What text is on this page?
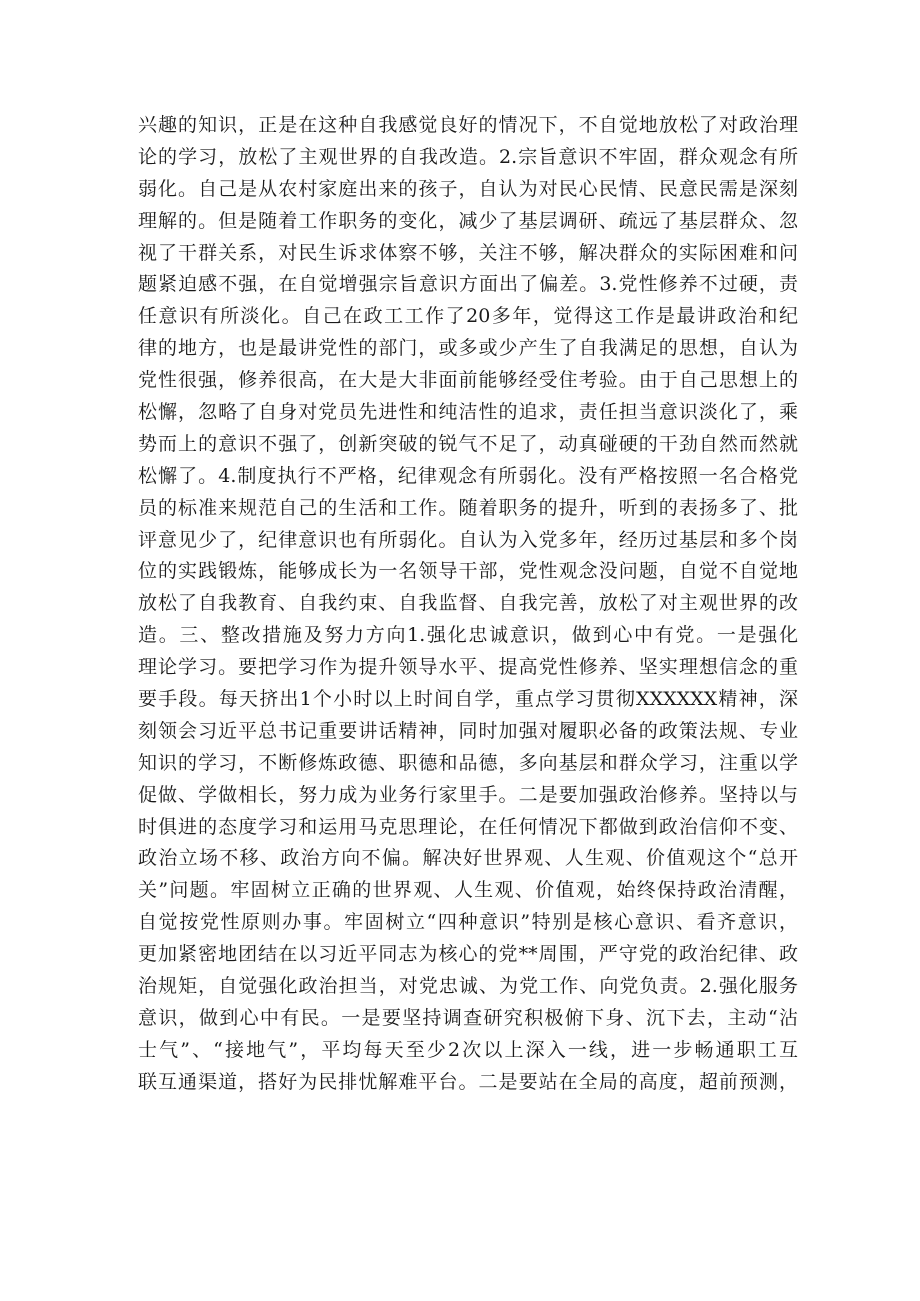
兴趣的知识，正是在这种自我感觉良好的情况下，不自觉地放松了对政治理
论的学习，放松了主观世界的自我改造。2.宗旨意识不牢固，群众观念有所
弱化。自己是从农村家庭出来的孩子，自认为对民心民情、民意民需是深刻
理解的。但是随着工作职务的变化，减少了基层调研、疏远了基层群众、忽
视了干群关系，对民生诉求体察不够，关注不够，解决群众的实际困难和问
题紧迫感不强，在自觉增强宗旨意识方面出了偏差。3.党性修养不过硬，责
任意识有所淡化。自己在政工工作了20多年，觉得这工作是最讲政治和纪
律的地方，也是最讲党性的部门，或多或少产生了自我满足的思想，自认为
党性很强，修养很高，在大是大非面前能够经受住考验。由于自己思想上的
松懈，忽略了自身对党员先进性和纯洁性的追求，责任担当意识淡化了，乘
势而上的意识不强了，创新突破的锐气不足了，动真碰硬的干劲自然而然就
松懈了。4.制度执行不严格，纪律观念有所弱化。没有严格按照一名合格党
员的标准来规范自己的生活和工作。随着职务的提升，听到的表扬多了、批
评意见少了，纪律意识也有所弱化。自认为入党多年，经历过基层和多个岗
位的实践锻炼，能够成长为一名领导干部，党性观念没问题，自觉不自觉地
放松了自我教育、自我约束、自我监督、自我完善，放松了对主观世界的改
造。三、整改措施及努力方向1.强化忠诚意识，做到心中有党。一是强化
理论学习。要把学习作为提升领导水平、提高党性修养、坚实理想信念的重
要手段。每天挤出1个小时以上时间自学，重点学习贯彻XXXXXX精神，深
刻领会习近平总书记重要讲话精神，同时加强对履职必备的政策法规、专业
知识的学习，不断修炼政德、职德和品德，多向基层和群众学习，注重以学
促做、学做相长，努力成为业务行家里手。二是要加强政治修养。坚持以与
时俱进的态度学习和运用马克思理论，在任何情况下都做到政治信仰不变、
政治立场不移、政治方向不偏。解决好世界观、人生观、价值观这个“总开
关”问题。牢固树立正确的世界观、人生观、价值观，始终保持政治清醒，
自觉按党性原则办事。牢固树立“四种意识”特别是核心意识、看齐意识，
更加紧密地团结在以习近平同志为核心的党**周围，严守党的政治纪律、政
治规矩，自觉强化政治担当，对党忠诚、为党工作、向党负责。2.强化服务
意识，做到心中有民。一是要坚持调查研究积极俯下身、沉下去，主动“沾
士气”、“接地气”，平均每天至少2次以上深入一线，进一步畅通职工互
联互通渠道，搭好为民排忧解难平台。二是要站在全局的高度，超前预测，
